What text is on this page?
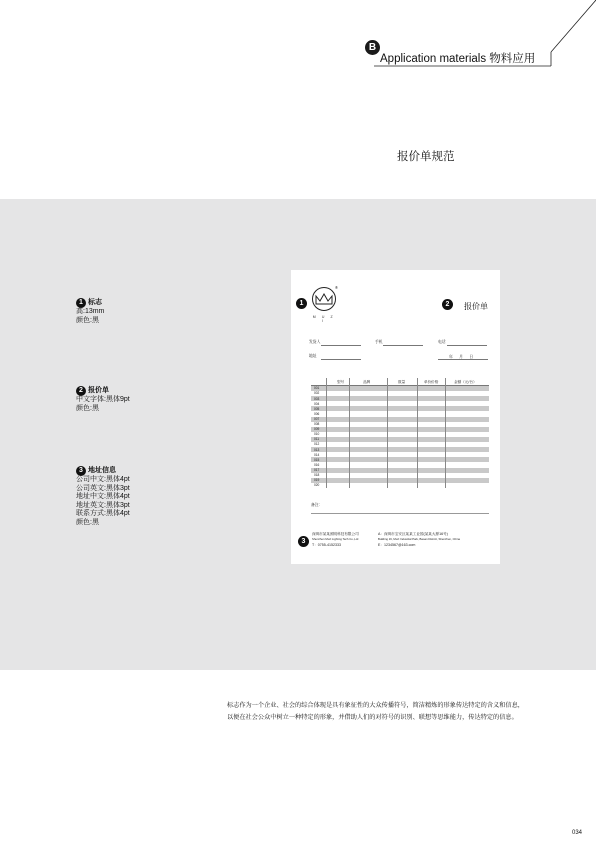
B
Application materials 物料应用
报价单规范
1 标志
高:13mm
颜色:黑
2 报价单
中文字体:黑体9pt
颜色:黑
3 地址信息
公司中文:黑体4pt
公司英文:黑体3pt
地址中文:黑体4pt
地址英文:黑体3pt
联系方式:黑体4pt
颜色:黑
1
®
M U Z I
2	报价单
发货人	手机	电话
地址	年      月      日
型号	品牌	数量	单价价格	金额（元/台）
001
002
003
004
005
006
007
008
009
010
011
012
013
014
015
016
017
018
019
020
备注：
3
深圳市某某照明科技有限公司
Shenzhen Muzi Lighting Tech Co.,Ltd
T：0755-4152333
A：深圳市宝安区某某工业园(某某大厦16号)
Building 16, Muzi Industrial Park, Baoan District, Shenzhen, China
E：1234567@163.com
标志作为一个企业、社会的综合体现是具有象征性的大众传播符号，简洁精炼的形象传达特定的含义和信息，
以便在社会公众中树立一种特定的形象，并借助人们的对符号的识别、联想等思维能力，传达特定的信息。
034
